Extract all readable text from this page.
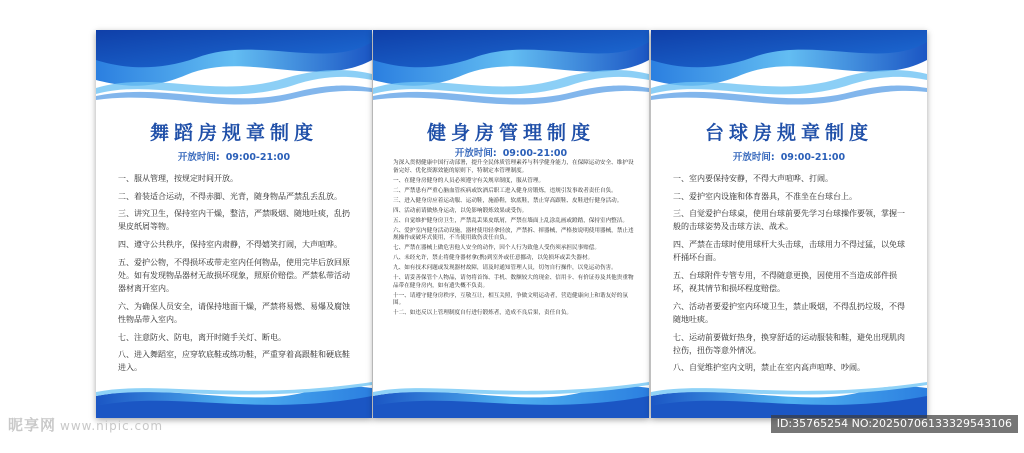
舞蹈房规章制度
开放时间: 09:00-21:00

一、服从管理，按规定时间开放。

二、着装适合运动，不得赤脚、光背，随身物品严禁乱丢乱放。

三、讲究卫生，保持室内干燥，整洁，严禁吸烟、随地吐痰，乱扔果皮纸屑等物。

四、遵守公共秩序，保持室内肃静，不得嬉笑打闹，大声喧哗。

五、爱护公物，不得损坏或带走室内任何物品，使用完毕后放回原处。如有发现物品器材无故损坏现象，照原价赔偿。严禁私带活动器材离开室内。

六、为确保人员安全，请保持地面干燥，严禁将易燃、易爆及腐蚀性物品带入室内。

七、注意防火、防电，离开时随手关灯、断电。

八、进入舞蹈室，应穿软底鞋或练功鞋，严重穿着高跟鞋和硬底鞋进入。

健身房管理制度
开放时间: 09:00-21:00

为深入贯彻健康中国行动部署，提升全民体质管理素养与科学健身能力，在保障运动安全、维护设备完好、优化资源效能的原则下，特制定本管理制度。

一、在健身房健身的人员必须遵守有关规章制度，服从管理。

二、严禁患有严重心脑血管疾病或饮酒后职工进入健身房锻炼，违规引发事故者责任自负。

三、进入健身房应着运动服、运动鞋，施游鞋，软底鞋，禁止穿高跟鞋、皮鞋进行健身活动。

四、活动前请做热身运动，以免影响锻炼效果或受伤。

五、自觉维护健身房卫生，严禁乱丢果皮纸屑，严禁在墙面上乱涂乱画或蹬踏，保持室内整洁。

六、爱护室内健身活动设施，器材使用轻拿轻放，严禁拆、摔器械，严格按说明使用器械，禁止违规操作或破坏式使用，不当使用致伤责任自负。

七、严禁在器械上做危害他人安全的动作，因个人行为致他人受伤须承担民事赔偿。

八、未经允许，禁止将健身器材拿(携)到室外或任意挪动，以免损坏或丢失器材。

九、如有技术问题或发现器材故障，请及时通知管理人员，切勿自行操作，以免运动伤害。

十、请妥善保管个人物品，请勿将首饰、手机、数额较大的现金、信用卡、有价证券及其他贵重物品带在健身房内，如有遗失概不负责。

十一、请遵守健身房秩序，互敬互让，相互关照，争做文明运动者，营造健康向上和谐友好的氛围。

十二、如违反以上管理制度自行进行锻炼者，造成不良后果，责任自负。

台球房规章制度
开放时间: 09:00-21:00

一、室内要保持安静，不得大声喧哗、打闹。

二、爱护室内设施和体育器具，不准坐在台球台上。

三、自觉爱护台球桌，使用台球前要先学习台球操作要领，掌握一般的击球姿势及击球方法、战术。

四、严禁在击球时使用球杆大头击球，击球用力不得过猛，以免球杆捅坏台面。

五、台球附件专管专用，不得随意更换，因使用不当造成部件损坏，视其情节和损坏程度赔偿。

六、活动者要爱护室内环境卫生，禁止吸烟，不得乱扔垃圾，不得随地吐痰。

七、运动前要做好热身，换穿舒适的运动服装和鞋，避免出现肌肉拉伤，扭伤等意外情况。

八、自觉维护室内文明，禁止在室内高声喧哗、吵闹。

昵享网 www.nipic.com	ID:35765254 NO:20250706133329543106
